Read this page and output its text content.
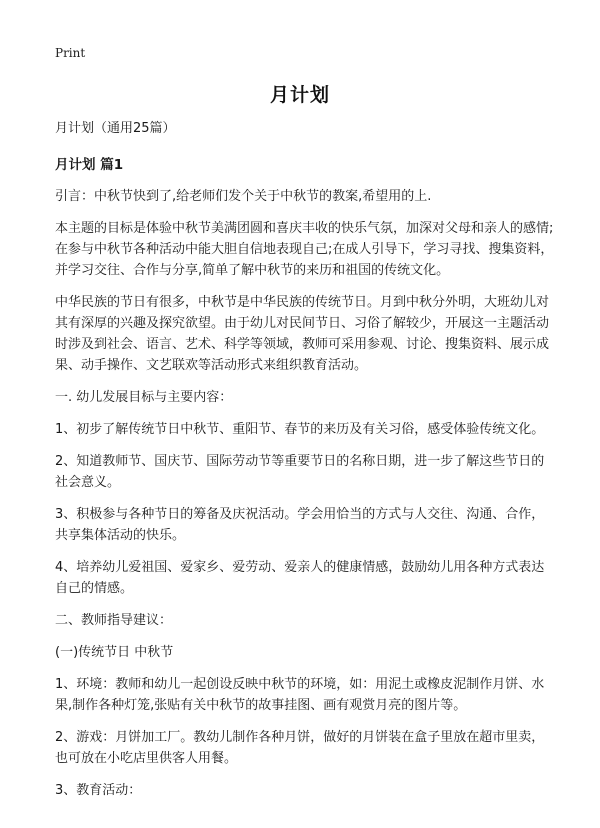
Print
月计划

月计划（通用25篇）

月计划 篇1

引言：中秋节快到了,给老师们发个关于中秋节的教案,希望用的上.

本主题的目标是体验中秋节美满团圆和喜庆丰收的快乐气氛，加深对父母和亲人的感情;在参与中秋节各种活动中能大胆自信地表现自己;在成人引导下，学习寻找、搜集资料，并学习交往、合作与分享,简单了解中秋节的来历和祖国的传统文化。

中华民族的节日有很多，中秋节是中华民族的传统节日。月到中秋分外明，大班幼儿对其有深厚的兴趣及探究欲望。由于幼儿对民间节日、习俗了解较少，开展这一主题活动时涉及到社会、语言、艺术、科学等领域，教师可采用参观、讨论、搜集资料、展示成果、动手操作、文艺联欢等活动形式来组织教育活动。

一. 幼儿发展目标与主要内容：

1、初步了解传统节日中秋节、重阳节、春节的来历及有关习俗，感受体验传统文化。

2、知道教师节、国庆节、国际劳动节等重要节日的名称日期，进一步了解这些节日的社会意义。

3、积极参与各种节日的筹备及庆祝活动。学会用恰当的方式与人交往、沟通、合作，共享集体活动的快乐。

4、培养幼儿爱祖国、爱家乡、爱劳动、爱亲人的健康情感，鼓励幼儿用各种方式表达自己的情感。

二、教师指导建议：

(一)传统节日 中秋节

1、环境：教师和幼儿一起创设反映中秋节的环境，如：用泥土或橡皮泥制作月饼、水果,制作各种灯笼,张贴有关中秋节的故事挂图、画有观赏月亮的图片等。

2、游戏：月饼加工厂。教幼儿制作各种月饼，做好的月饼装在盒子里放在超市里卖，也可放在小吃店里供客人用餐。

3、教育活动：
